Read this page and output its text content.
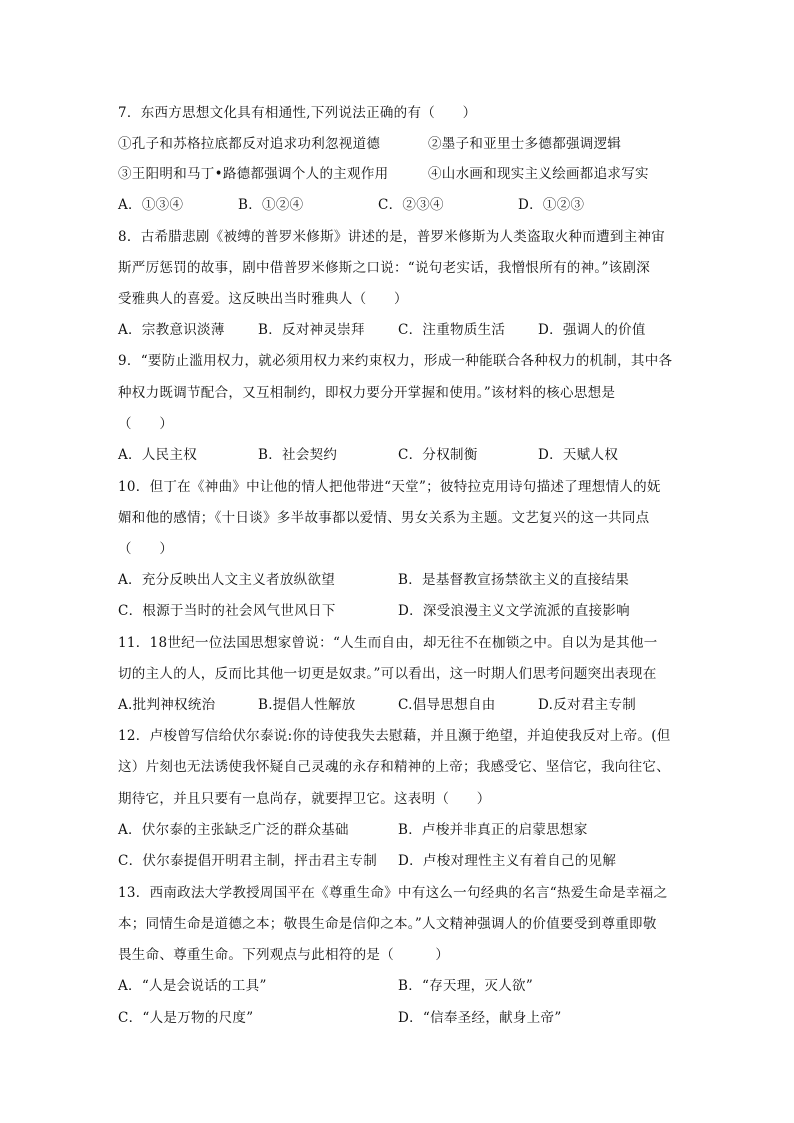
7．东西方思想文化具有相通性,下列说法正确的有（　　）
①孔子和苏格拉底都反对追求功利忽视道德	②墨子和亚里士多德都强调逻辑
③王阳明和马丁•路德都强调个人的主观作用	④山水画和现实主义绘画都追求写实
A．①③④	B．①②④	C．②③④	D．①②③
8．古希腊悲剧《被缚的普罗米修斯》讲述的是，普罗米修斯为人类盗取火种而遭到主神宙
斯严厉惩罚的故事，剧中借普罗米修斯之口说：“说句老实话，我憎恨所有的神。”该剧深
受雅典人的喜爱。这反映出当时雅典人（　　）
A．宗教意识淡薄 B．反对神灵崇拜 C．注重物质生活 D．强调人的价值
9．“要防止滥用权力，就必须用权力来约束权力，形成一种能联合各种权力的机制，其中各
种权力既调节配合，又互相制约，即权力要分开掌握和使用。”该材料的核心思想是
（　　）
A．人民主权	B．社会契约	C．分权制衡	D．天赋人权
10．但丁在《神曲》中让他的情人把他带进“天堂”；彼特拉克用诗句描述了理想情人的妩
媚和他的感情；《十日谈》多半故事都以爱情、男女关系为主题。文艺复兴的这一共同点
（　　）
A．充分反映出人文主义者放纵欲望	B．是基督教宣扬禁欲主义的直接结果
C．根源于当时的社会风气世风日下	D．深受浪漫主义文学流派的直接影响
11．18世纪一位法国思想家曾说：“人生而自由，却无往不在枷锁之中。自以为是其他一
切的主人的人，反而比其他一切更是奴隶。”可以看出，这一时期人们思考问题突出表现在
A.批判神权统治	B.提倡人性解放	C.倡导思想自由	D.反对君主专制
12．卢梭曾写信给伏尔泰说:你的诗使我失去慰藉，并且濒于绝望，并迫使我反对上帝。(但
这）片刻也无法诱使我怀疑自己灵魂的永存和精神的上帝；我感受它、坚信它，我向往它、
期待它，并且只要有一息尚存，就要捍卫它。这表明（　　）
A．伏尔泰的主张缺乏广泛的群众基础	B．卢梭并非真正的启蒙思想家
C．伏尔泰提倡开明君主制，抨击君主专制 D．卢梭对理性主义有着自己的见解
13．西南政法大学教授周国平在《尊重生命》中有这么一句经典的名言“热爱生命是幸福之
本；同情生命是道德之本；敬畏生命是信仰之本。”人文精神强调人的价值要受到尊重即敬
畏生命、尊重生命。下列观点与此相符的是（　　　）
A．“人是会说话的工具”	B．“存天理，灭人欲”
C．“人是万物的尺度”	D．“信奉圣经，献身上帝”
